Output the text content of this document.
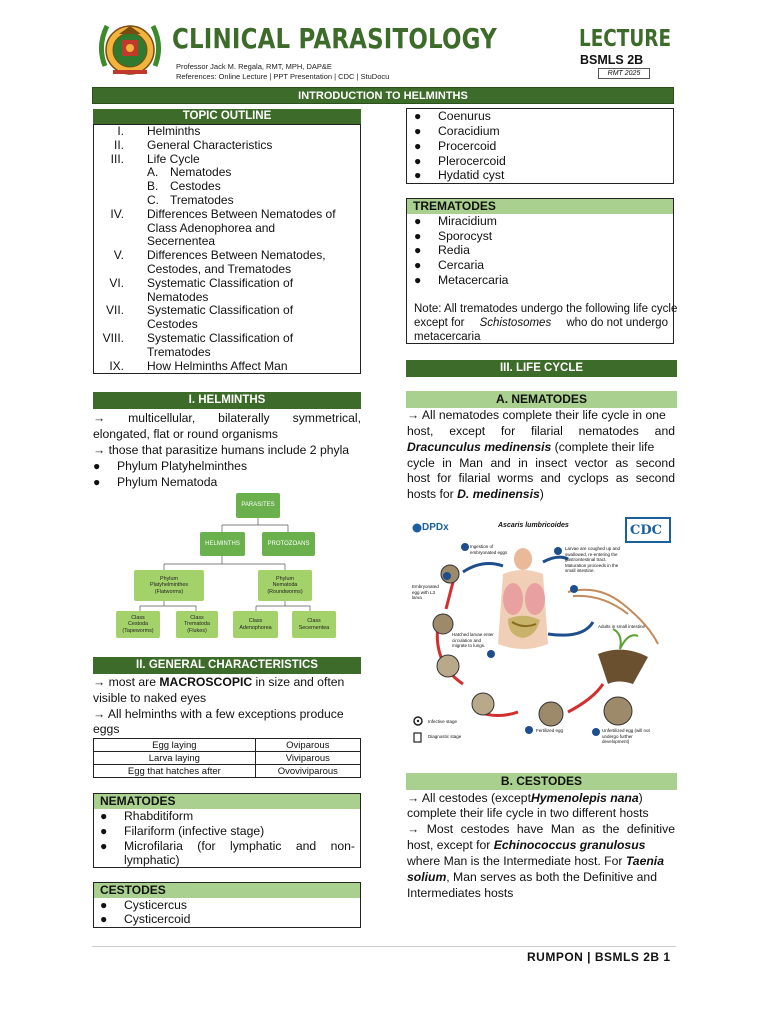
CLINICAL PARASITOLOGY
Professor Jack M. Regala, RMT, MPH, DAP&E
References: Online Lecture | PPT Presentation | CDC | StuDocu
LECTURE
BSMLS 2B
RMT 2025
INTRODUCTION TO HELMINTHS
TOPIC OUTLINE
I. Helminths
II. General Characteristics
III. Life Cycle
A. Nematodes
B. Cestodes
C. Trematodes
IV. Differences Between Nematodes of
Class Adenophorea and
Secernentea
V. Differences Between Nematodes,
Cestodes, and Trematodes
VI. Systematic Classification of
Nematodes
VII. Systematic Classification of
Cestodes
VIII. Systematic Classification of
Trematodes
IX. How Helminths Affect Man
I. HELMINTHS
→ multicellular, bilaterally symmetrical,
elongated, flat or round organisms
→ those that parasitize humans include 2 phyla
● Phylum Platyhelminthes
● Phylum Nematoda
PARASITES
HELMINTHS	PROTOZOANS
Phylum
Platyhelminthes
(Flatworms)
Phylum
Nematoda
(Roundworms)
Class
Cestoda
(Tapeworms)
Class
Trematoda
(Flukes)
Class
Adenophorea
Class
Secernentea
II. GENERAL CHARACTERISTICS
→ most are MACROSCOPIC in size and often
visible to naked eyes
→ All helminths with a few exceptions produce
eggs
Egg laying	Oviparous
Larva laying	Viviparous
Egg that hatches after	Ovoviviparous
NEMATODES
● Rhabditiform
● Filariform (infective stage)
● Microfilaria (for lymphatic and non-
lymphatic)
CESTODES
● Cysticercus
● Cysticercoid
● Coenurus
● Coracidium
● Procercoid
● Plerocercoid
● Hydatid cyst
TREMATODES
● Miracidium
● Sporocyst
● Redia
● Cercaria
● Metacercaria
Note: All trematodes undergo the following life cycle
except for Schistosomes who do not undergo
metacercaria
III. LIFE CYCLE
A. NEMATODES
→ All nematodes complete their life cycle in one
host, except for filarial nematodes and
Dracunculus medinensis (complete their life
cycle in Man and in insect vector as second
host for filarial worms and cyclops as second
hosts for D. medinensis)
DPDx	Ascaris lumbricoides	CDC
Ingestion of embryonated eggs
Larvae are coughed up and swallowed, re-entering the gastrointestinal tract. Maturation proceeds in the small intestine.
Embryonated egg with L3 larva
Hatched larvae enter circulation and migrate to lungs.
Adults in small intestine
Infective stage
Diagnostic stage
Fertilized egg	Unfertilized egg (will not undergo further development)
B. CESTODES
→ All cestodes (except Hymenolepis nana)
complete their life cycle in two different hosts
→ Most cestodes have Man as the definitive
host, except for Echinococcus granulosus
where Man is the Intermediate host. For Taenia
solium, Man serves as both the Definitive and
Intermediates hosts
RUMPON | BSMLS 2B 1
